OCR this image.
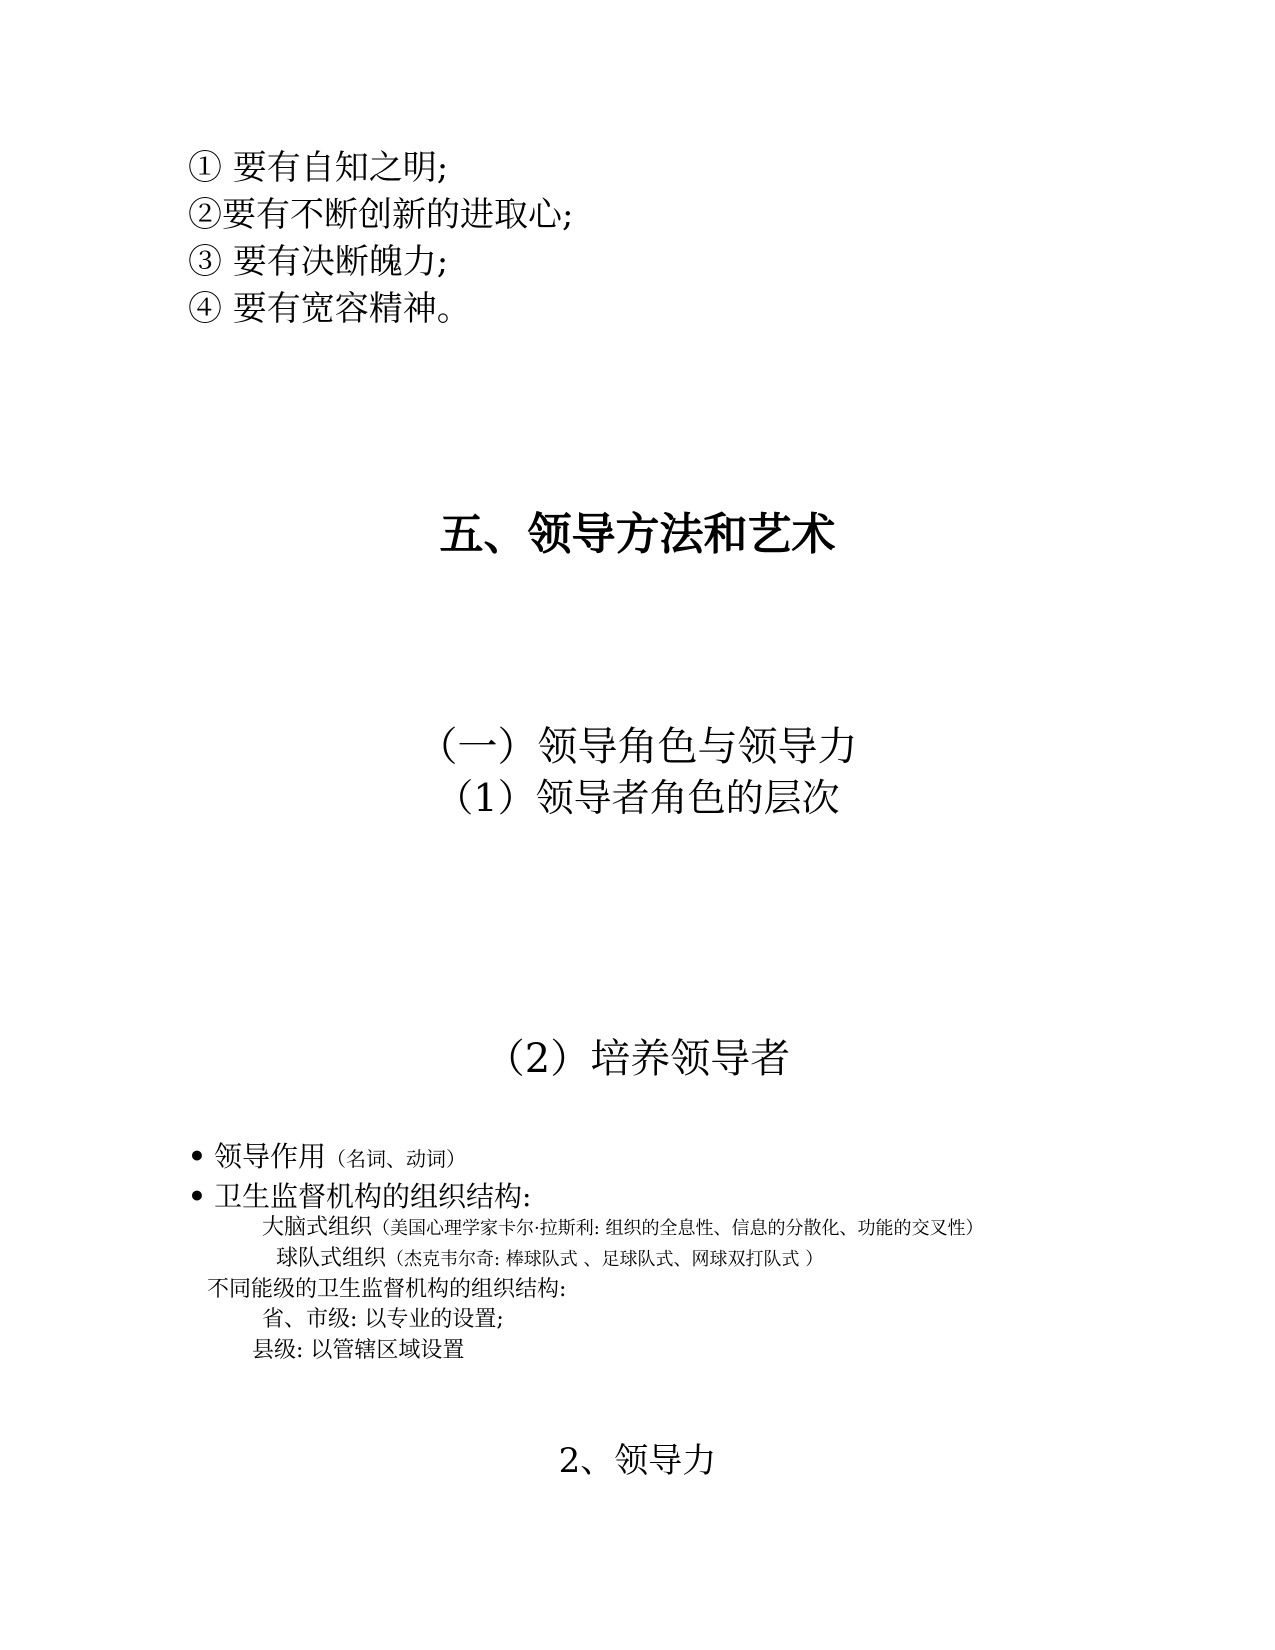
① 要有自知之明;
②要有不断创新的进取心;
③ 要有决断魄力;
④ 要有宽容精神。
五、领导方法和艺术
（一）领导角色与领导力
（1）领导者角色的层次
（2）培养领导者
• 领导作用（名词、动词）
• 卫生监督机构的组织结构:
大脑式组织（美国心理学家卡尔·拉斯利: 组织的全息性、信息的分散化、功能的交叉性）
球队式组织（杰克韦尔奇: 棒球队式 、足球队式、网球双打队式 ）
不同能级的卫生监督机构的组织结构:
省、市级: 以专业的设置;
县级: 以管辖区域设置
2、领导力
